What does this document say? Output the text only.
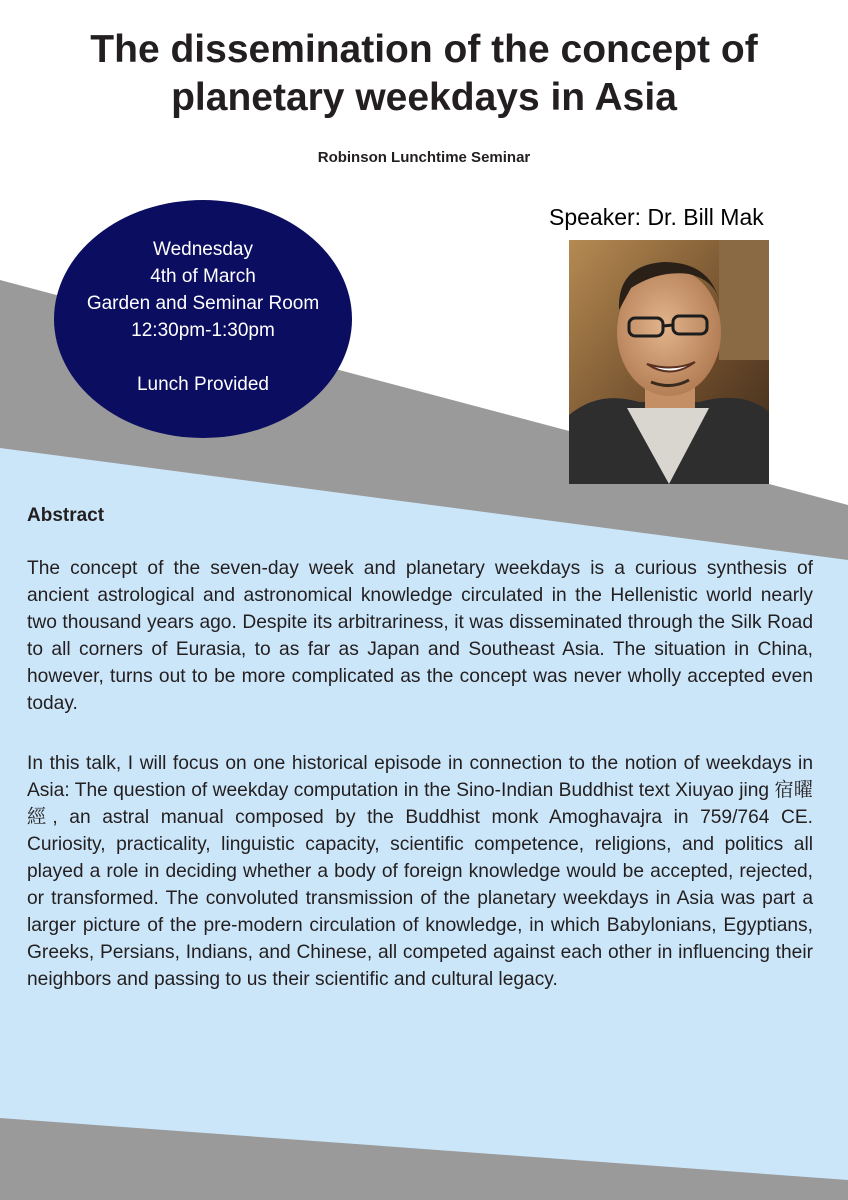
The dissemination of the concept of planetary weekdays in Asia
Robinson Lunchtime Seminar
Speaker: Dr. Bill Mak
Wednesday
4th of March
Garden and Seminar Room
12:30pm-1:30pm

Lunch Provided
Abstract

The concept of the seven-day week and planetary weekdays is a curious synthesis of ancient astrological and astronomical knowledge circulated in the Hellenistic world nearly two thousand years ago. Despite its arbitrariness, it was disseminated through the Silk Road to all corners of Eurasia, to as far as Japan and Southeast Asia. The situation in China, however, turns out to be more complicated as the concept was never wholly accepted even today.

In this talk, I will focus on one historical episode in connection to the notion of weekdays in Asia: The question of weekday computation in the Sino-Indian Buddhist text Xiuyao jing 宿曜經, an astral manual composed by the Buddhist monk Amoghavajra in 759/764 CE. Curiosity, practicality, linguistic capacity, scientific competence, religions, and politics all played a role in deciding whether a body of foreign knowledge would be accepted, rejected, or transformed. The convoluted transmission of the planetary weekdays in Asia was part a larger picture of the pre-modern circulation of knowledge, in which Babylonians, Egyptians, Greeks, Persians, Indians, and Chinese, all competed against each other in influencing their neighbors and passing to us their scientific and cultural legacy.
